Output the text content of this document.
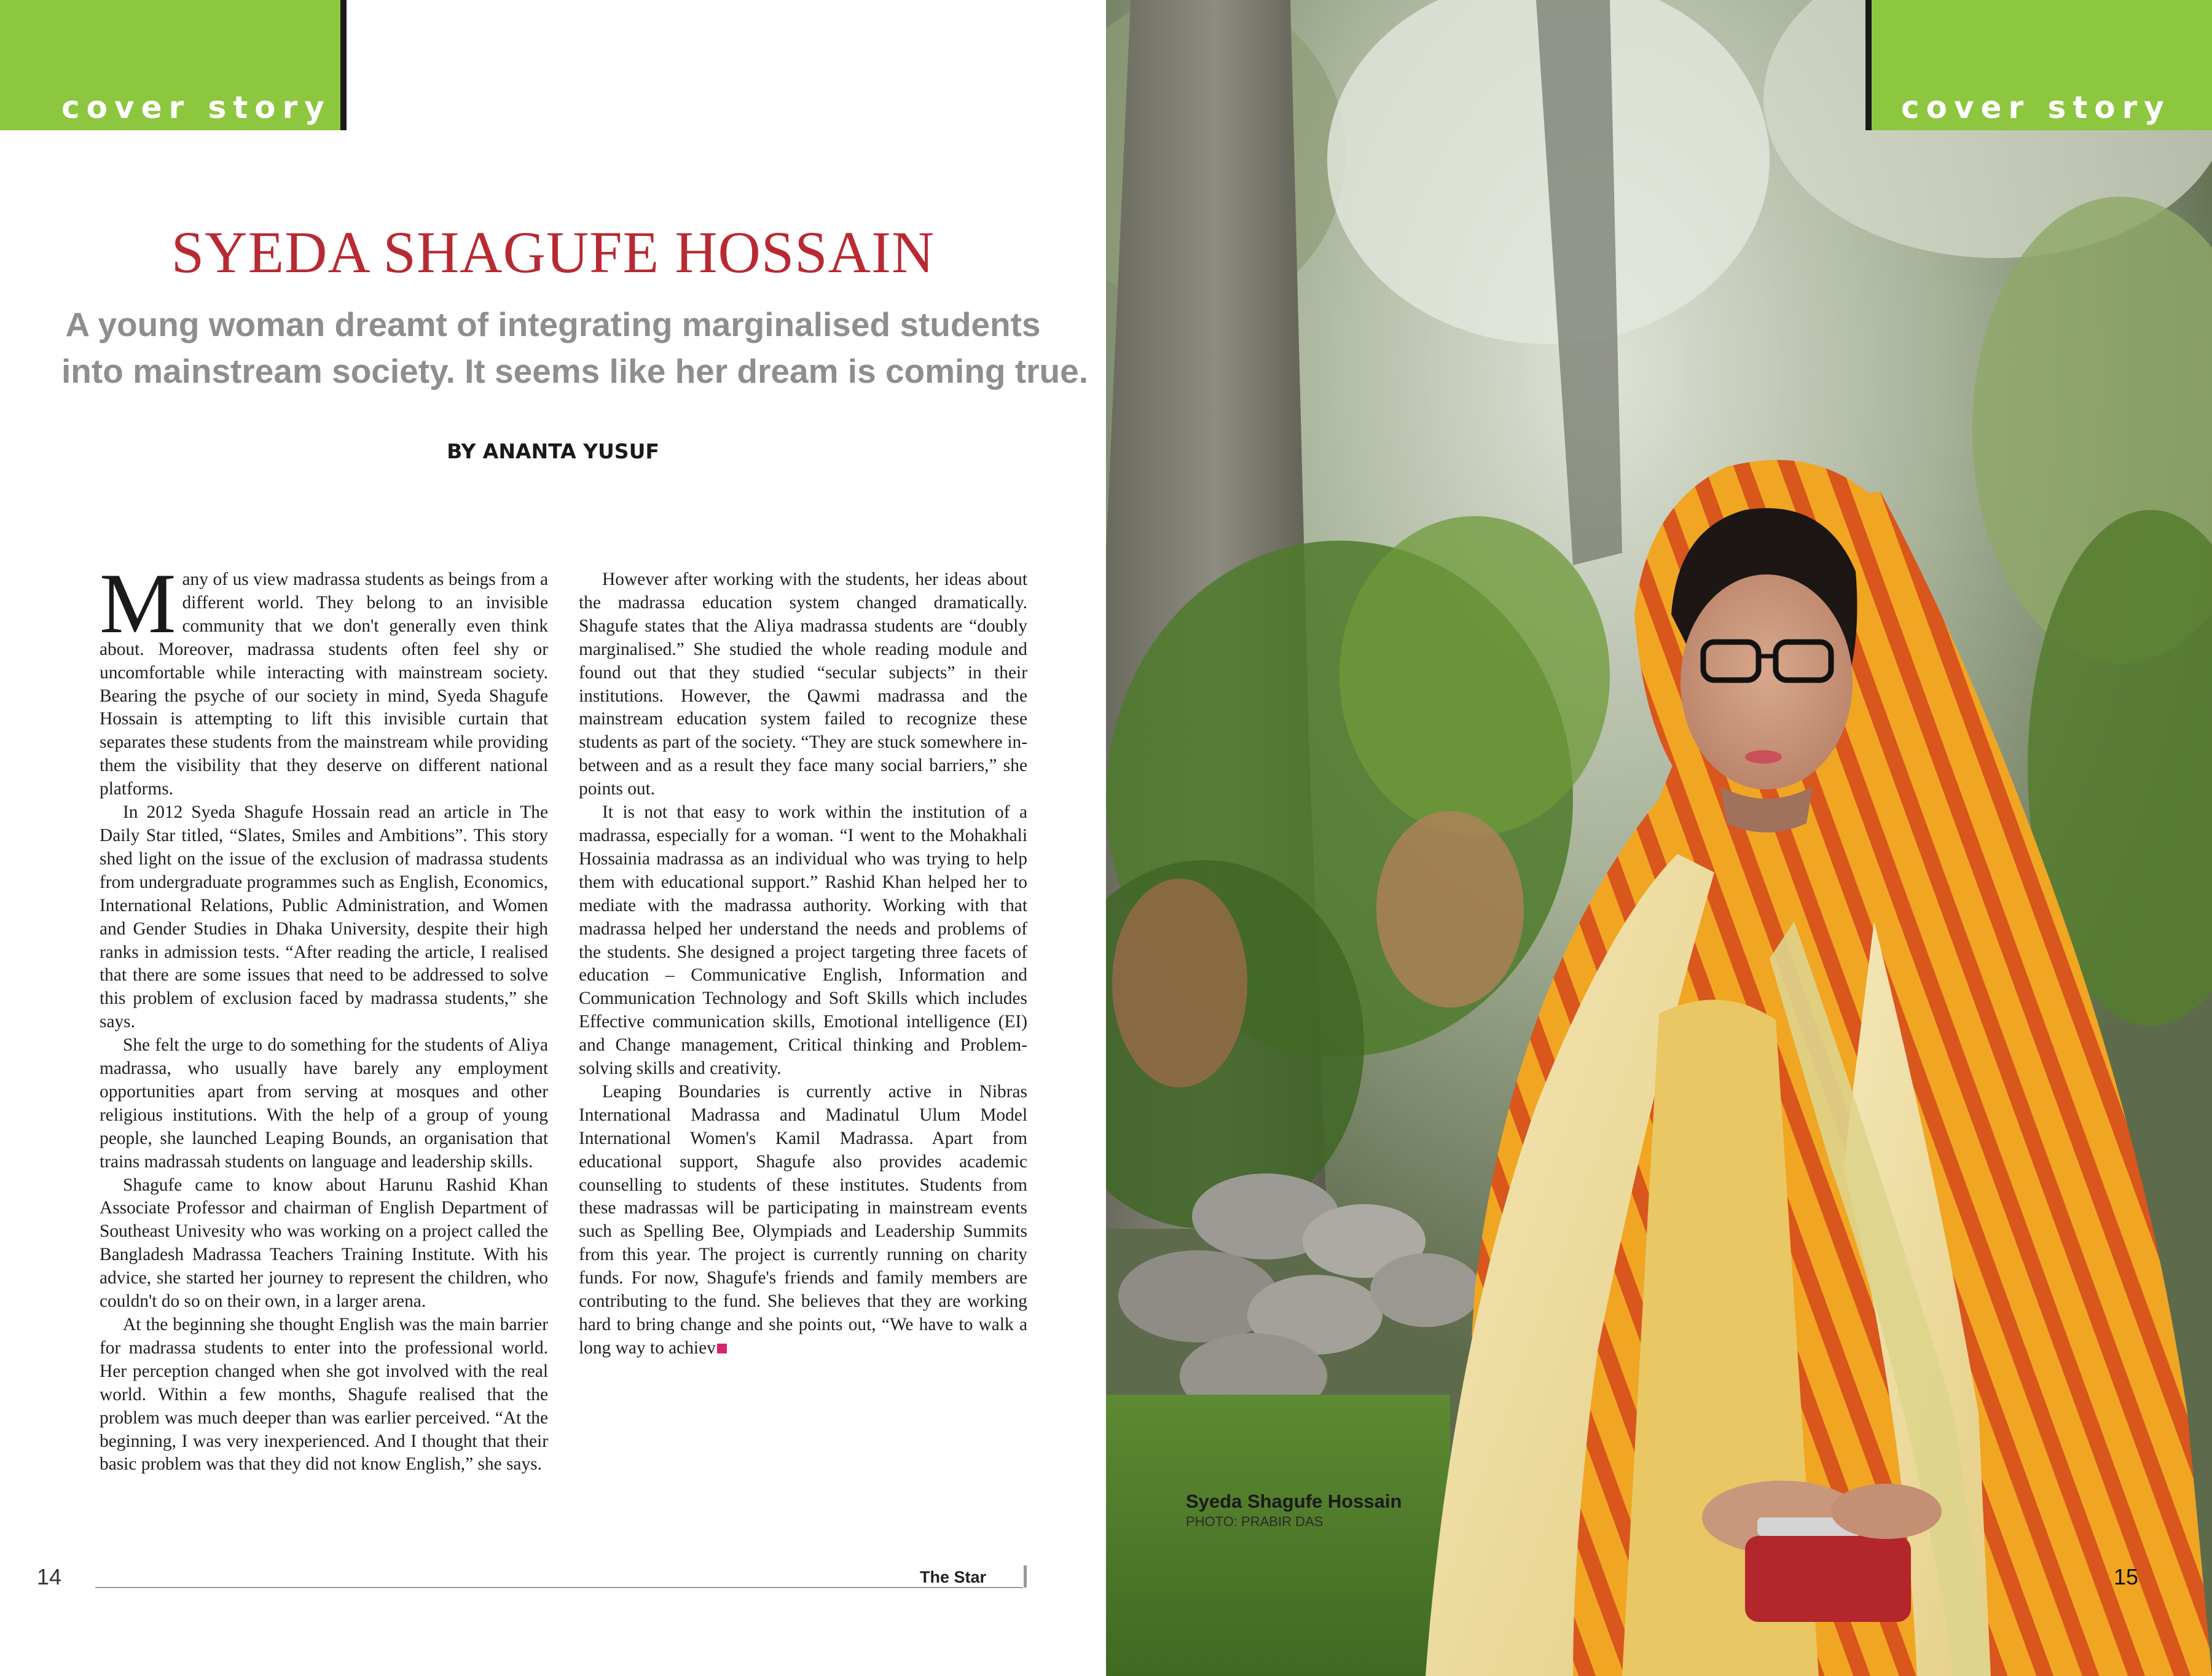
cover story
SYEDA SHAGUFE HOSSAIN
A young woman dreamt of integrating marginalised students
into mainstream society. It seems like her dream is coming true.
BY ANANTA YUSUF

Many of us view madrassa students as beings from a different world. They belong to an invisible community that we don't generally even think about. Moreover, madrassa students often feel shy or uncomfortable while interacting with mainstream society. Bearing the psyche of our society in mind, Syeda Shagufe Hossain is attempting to lift this invisible curtain that separates these students from the mainstream while providing them the visibility that they deserve on different national platforms.

In 2012 Syeda Shagufe Hossain read an article in The Daily Star titled, “Slates, Smiles and Ambitions”. This story shed light on the issue of the exclusion of madrassa students from undergraduate programmes such as English, Economics, International Relations, Public Administration, and Women and Gender Studies in Dhaka University, despite their high ranks in admission tests. “After reading the article, I realised that there are some issues that need to be addressed to solve this problem of exclusion faced by madrassa students,” she says.

She felt the urge to do something for the students of Aliya madrassa, who usually have barely any employment opportunities apart from serving at mosques and other religious institutions. With the help of a group of young people, she launched Leaping Bounds, an organisation that trains madrassah students on language and leadership skills.

Shagufe came to know about Harunu Rashid Khan Associate Professor and chairman of English Department of Southeast Univesity who was working on a project called the Bangladesh Madrassa Teachers Training Institute. With his advice, she started her journey to represent the children, who couldn't do so on their own, in a larger arena.

At the beginning she thought English was the main barrier for madrassa students to enter into the professional world. Her perception changed when she got involved with the real world. Within a few months, Shagufe realised that the problem was much deeper than was earlier perceived. “At the beginning, I was very inexperienced. And I thought that their basic problem was that they did not know English,” she says.

However after working with the students, her ideas about the madrassa education system changed dramatically. Shagufe states that the Aliya madrassa students are “doubly marginalised.” She studied the whole reading module and found out that they studied “secular subjects” in their institutions. However, the Qawmi madrassa and the mainstream education system failed to recognize these students as part of the society. “They are stuck somewhere in-between and as a result they face many social barriers,” she points out.

It is not that easy to work within the institution of a madrassa, especially for a woman. “I went to the Mohakhali Hossainia madrassa as an individual who was trying to help them with educational support.” Rashid Khan helped her to mediate with the madrassa authority. Working with that madrassa helped her understand the needs and problems of the students. She designed a project targeting three facets of education – Communicative English, Information and Communication Technology and Soft Skills which includes Effective communication skills, Emotional intelligence (EI) and Change management, Critical thinking and Problem-solving skills and creativity.

Leaping Boundaries is currently active in Nibras International Madrassa and Madinatul Ulum Model International Women's Kamil Madrassa. Apart from educational support, Shagufe also provides academic counselling to students of these institutes. Students from these madrassas will be participating in mainstream events such as Spelling Bee, Olympiads and Leadership Summits from this year. The project is currently running on charity funds. For now, Shagufe's friends and family members are contributing to the fund. She believes that they are working hard to bring change and she points out, “We have to walk a long way to achiev

14	The Star
cover story
Syeda Shagufe Hossain
PHOTO: PRABIR DAS
15
